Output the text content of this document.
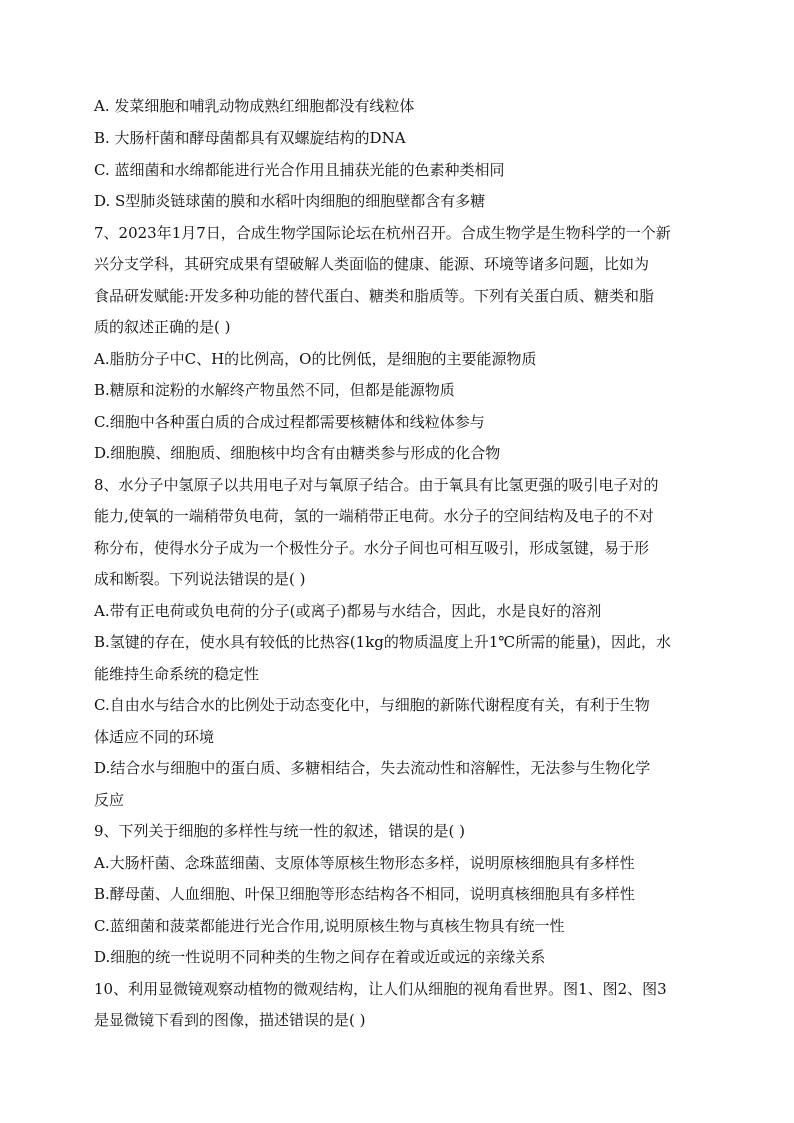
A. 发菜细胞和哺乳动物成熟红细胞都没有线粒体
B. 大肠杆菌和酵母菌都具有双螺旋结构的DNA
C. 蓝细菌和水绵都能进行光合作用且捕获光能的色素种类相同
D. S型肺炎链球菌的膜和水稻叶肉细胞的细胞壁都含有多糖
7、2023年1月7日，合成生物学国际论坛在杭州召开。合成生物学是生物科学的一个新
兴分支学科，其研究成果有望破解人类面临的健康、能源、环境等诸多问题，比如为
食品研发赋能:开发多种功能的替代蛋白、糖类和脂质等。下列有关蛋白质、糖类和脂
质的叙述正确的是( )
A.脂肪分子中C、H的比例高，O的比例低，是细胞的主要能源物质
B.糖原和淀粉的水解终产物虽然不同，但都是能源物质
C.细胞中各种蛋白质的合成过程都需要核糖体和线粒体参与
D.细胞膜、细胞质、细胞核中均含有由糖类参与形成的化合物
8、水分子中氢原子以共用电子对与氧原子结合。由于氧具有比氢更强的吸引电子对的
能力,使氧的一端稍带负电荷，氢的一端稍带正电荷。水分子的空间结构及电子的不对
称分布，使得水分子成为一个极性分子。水分子间也可相互吸引，形成氢键，易于形
成和断裂。下列说法错误的是( )
A.带有正电荷或负电荷的分子(或离子)都易与水结合，因此，水是良好的溶剂
B.氢键的存在，使水具有较低的比热容(1kg的物质温度上升1℃所需的能量)，因此，水
能维持生命系统的稳定性
C.自由水与结合水的比例处于动态变化中，与细胞的新陈代谢程度有关，有利于生物
体适应不同的环境
D.结合水与细胞中的蛋白质、多糖相结合，失去流动性和溶解性，无法参与生物化学
反应
9、下列关于细胞的多样性与统一性的叙述，错误的是( )
A.大肠杆菌、念珠蓝细菌、支原体等原核生物形态多样，说明原核细胞具有多样性
B.酵母菌、人血细胞、叶保卫细胞等形态结构各不相同，说明真核细胞具有多样性
C.蓝细菌和菠菜都能进行光合作用,说明原核生物与真核生物具有统一性
D.细胞的统一性说明不同种类的生物之间存在着或近或远的亲缘关系
10、利用显微镜观察动植物的微观结构，让人们从细胞的视角看世界。图1、图2、图3
是显微镜下看到的图像，描述错误的是( )
